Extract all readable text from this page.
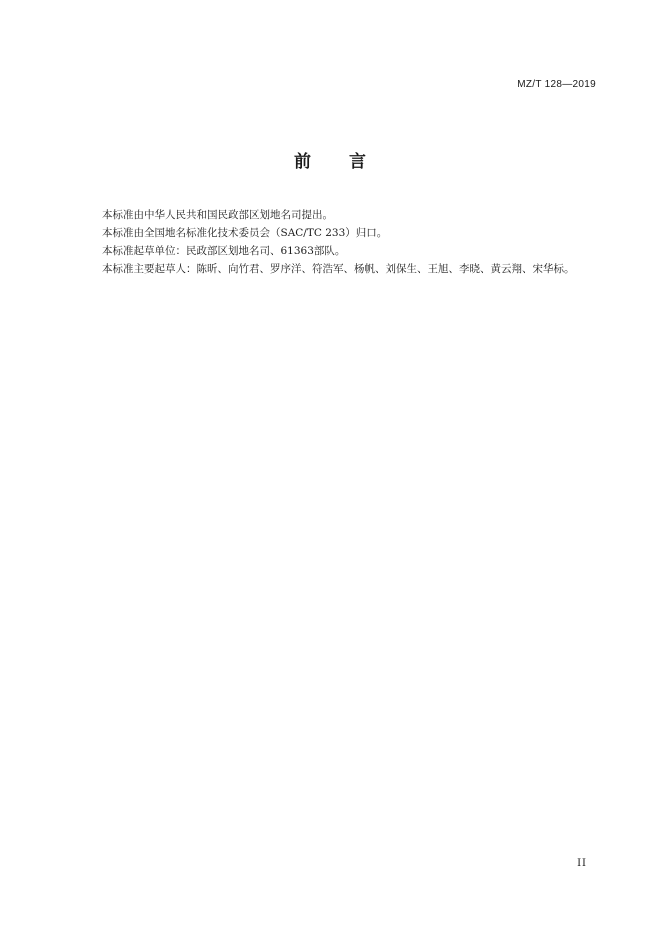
MZ/T 128—2019
前 言

本标准由中华人民共和国民政部区划地名司提出。

本标准由全国地名标准化技术委员会（SAC/TC 233）归口。

本标准起草单位：民政部区划地名司、61363部队。

本标准主要起草人：陈昕、向竹君、罗序洋、符浩军、杨帆、刘保生、王旭、李晓、黄云翔、宋华标。

II
